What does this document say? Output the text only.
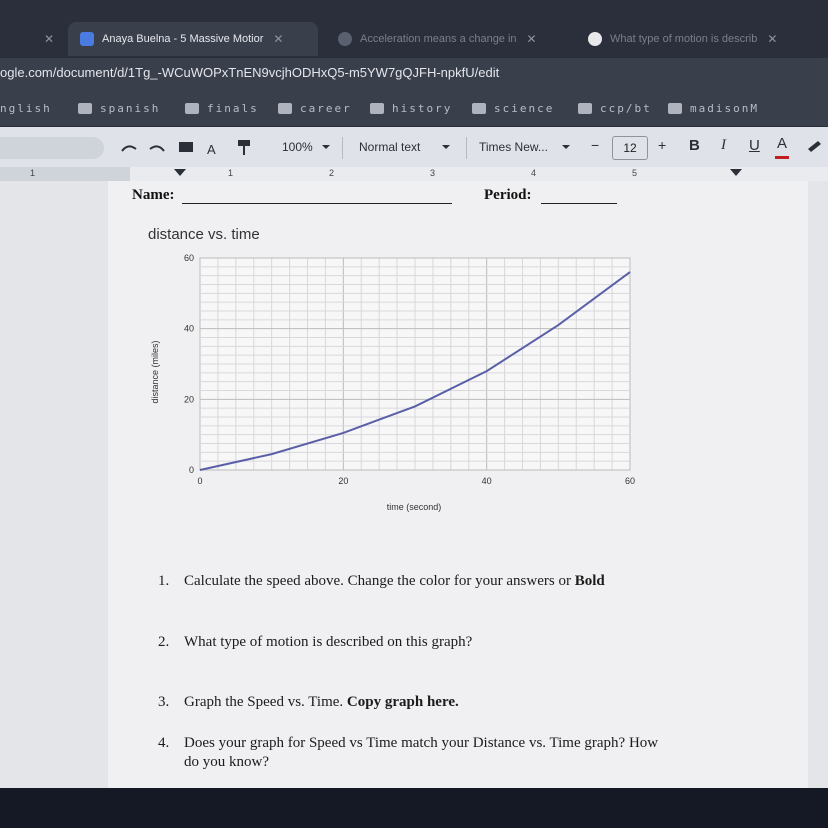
✕	Anaya Buelna - 5 Massive Motior ✕	Acceleration means a change in ✕	What type of motion is describ ✕
ogle.com/document/d/1Tg_-WCuWOPxTnEN9vcjhODHxQ5-m5YW7gQJFH-npkfU/edit
nglish	spanish	finals	career	history	science	ccp/bt	madisonM
A	100%	Normal text	Times New...	−	12	+ B I U A
1	1	2	3	4	5
Name:	Period:
distance vs. time
0	20	40	60
0
20
40
60
distance (miles)
time (second)
1. Calculate the speed above. Change the color for your answers or Bold
2. What type of motion is described on this graph?
3. Graph the Speed vs. Time. Copy graph here.
4. Does your graph for Speed vs Time match your Distance vs. Time graph? How
do you know?
